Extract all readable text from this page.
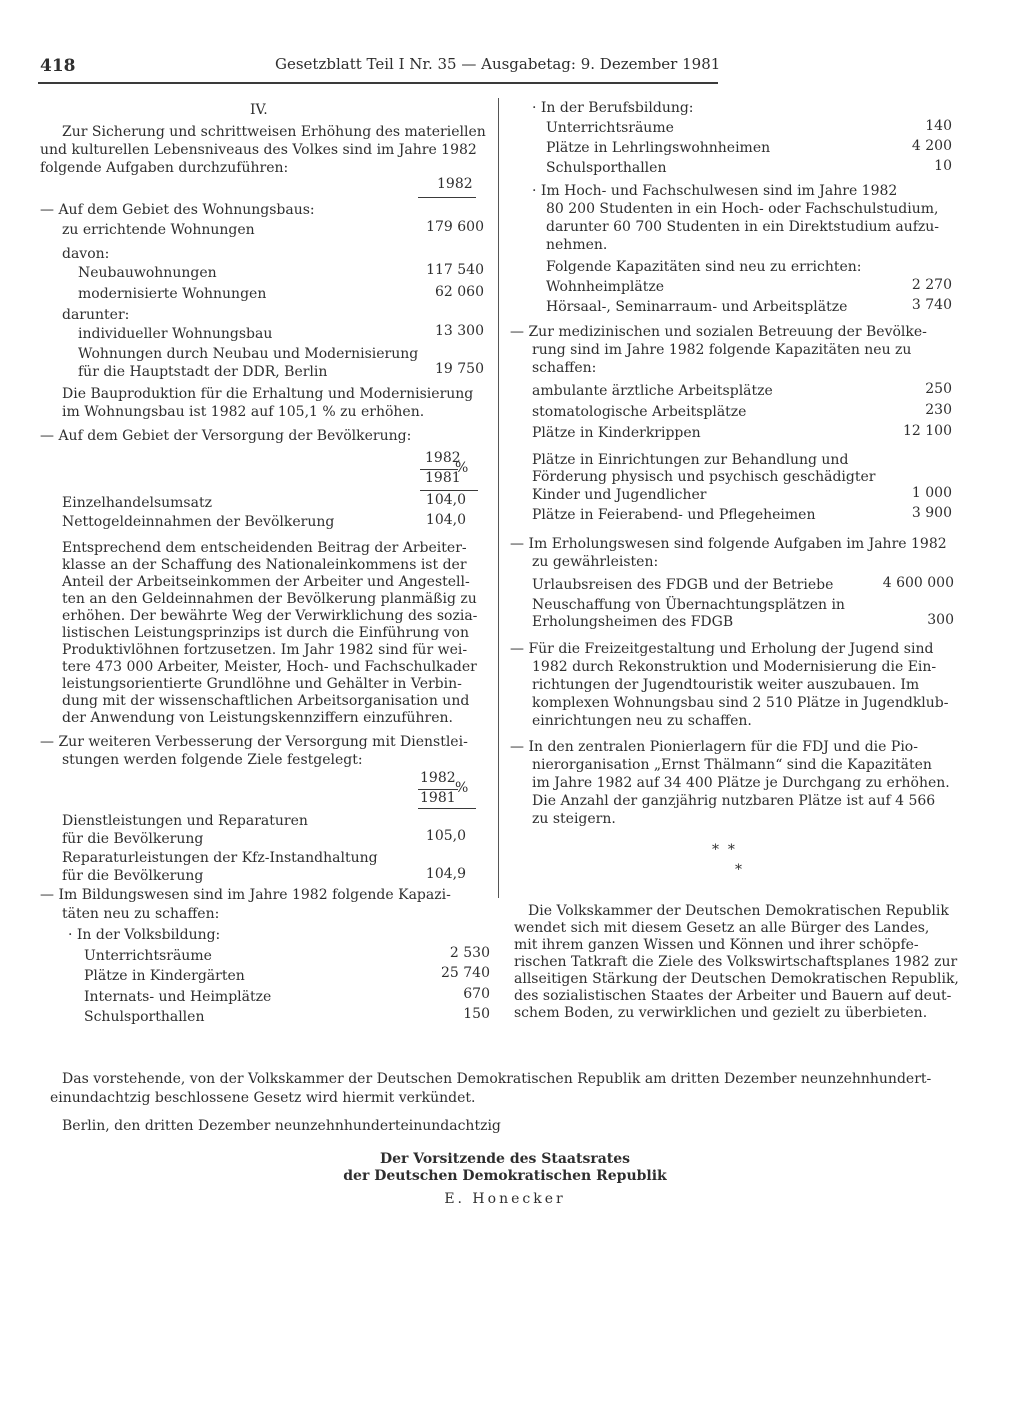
418	Gesetzblatt Teil I Nr. 35 — Ausgabetag: 9. Dezember 1981
IV.
Zur Sicherung und schrittweisen Erhöhung des materiellen
und kulturellen Lebensniveaus des Volkes sind im Jahre 1982
folgende Aufgaben durchzuführen:
1982
— Auf dem Gebiet des Wohnungsbaus:
zu errichtende Wohnungen	179 600
davon:
Neubauwohnungen	117 540
modernisierte Wohnungen	62 060
darunter:
individueller Wohnungsbau	13 300
Wohnungen durch Neubau und Modernisierung
für die Hauptstadt der DDR, Berlin	19 750
Die Bauproduktion für die Erhaltung und Modernisierung
im Wohnungsbau ist 1982 auf 105,1 % zu erhöhen.
— Auf dem Gebiet der Versorgung der Bevölkerung:
1982
1981
%
Einzelhandelsumsatz	104,0
Nettogeldeinnahmen der Bevölkerung	104,0
Entsprechend dem entscheidenden Beitrag der Arbeiter-
klasse an der Schaffung des Nationaleinkommens ist der
Anteil der Arbeitseinkommen der Arbeiter und Angestell-
ten an den Geldeinnahmen der Bevölkerung planmäßig zu
erhöhen. Der bewährte Weg der Verwirklichung des sozia-
listischen Leistungsprinzips ist durch die Einführung von
Produktivlöhnen fortzusetzen. Im Jahr 1982 sind für wei-
tere 473 000 Arbeiter, Meister, Hoch- und Fachschulkader
leistungsorientierte Grundlöhne und Gehälter in Verbin-
dung mit der wissenschaftlichen Arbeitsorganisation und
der Anwendung von Leistungskennziffern einzuführen.
— Zur weiteren Verbesserung der Versorgung mit Dienstlei-
stungen werden folgende Ziele festgelegt:
1982
1981
%
Dienstleistungen und Reparaturen
für die Bevölkerung	105,0
Reparaturleistungen der Kfz-Instandhaltung
für die Bevölkerung	104,9
— Im Bildungswesen sind im Jahre 1982 folgende Kapazi-
täten neu zu schaffen:
· In der Volksbildung:
Unterrichtsräume	2 530
Plätze in Kindergärten	25 740
Internats- und Heimplätze	670
Schulsporthallen	150
· In der Berufsbildung:
Unterrichtsräume	140
Plätze in Lehrlingswohnheimen	4 200
Schulsporthallen	10
· Im Hoch- und Fachschulwesen sind im Jahre 1982
80 200 Studenten in ein Hoch- oder Fachschulstudium,
darunter 60 700 Studenten in ein Direktstudium aufzu-
nehmen.
Folgende Kapazitäten sind neu zu errichten:
Wohnheimplätze	2 270
Hörsaal-, Seminarraum- und Arbeitsplätze	3 740
— Zur medizinischen und sozialen Betreuung der Bevölke-
rung sind im Jahre 1982 folgende Kapazitäten neu zu
schaffen:
ambulante ärztliche Arbeitsplätze	250
stomatologische Arbeitsplätze	230
Plätze in Kinderkrippen	12 100
Plätze in Einrichtungen zur Behandlung und
Förderung physisch und psychisch geschädigter
Kinder und Jugendlicher	1 000
Plätze in Feierabend- und Pflegeheimen	3 900
— Im Erholungswesen sind folgende Aufgaben im Jahre 1982
zu gewährleisten:
Urlaubsreisen des FDGB und der Betriebe	4 600 000
Neuschaffung von Übernachtungsplätzen in
Erholungsheimen des FDGB	300
— Für die Freizeitgestaltung und Erholung der Jugend sind
1982 durch Rekonstruktion und Modernisierung die Ein-
richtungen der Jugendtouristik weiter auszubauen. Im
komplexen Wohnungsbau sind 2 510 Plätze in Jugendklub-
einrichtungen neu zu schaffen.
— In den zentralen Pionierlagern für die FDJ und die Pio-
nierorganisation „Ernst Thälmann“ sind die Kapazitäten
im Jahre 1982 auf 34 400 Plätze je Durchgang zu erhöhen.
Die Anzahl der ganzjährig nutzbaren Plätze ist auf 4 566
zu steigern.
*  *
*
Die Volkskammer der Deutschen Demokratischen Republik
wendet sich mit diesem Gesetz an alle Bürger des Landes,
mit ihrem ganzen Wissen und Können und ihrer schöpfe-
rischen Tatkraft die Ziele des Volkswirtschaftsplanes 1982 zur
allseitigen Stärkung der Deutschen Demokratischen Republik,
des sozialistischen Staates der Arbeiter und Bauern auf deut-
schem Boden, zu verwirklichen und gezielt zu überbieten.
Das vorstehende, von der Volkskammer der Deutschen Demokratischen Republik am dritten Dezember neunzehnhundert-
einundachtzig beschlossene Gesetz wird hiermit verkündet.
Berlin, den dritten Dezember neunzehnhunderteinundachtzig
Der Vorsitzende des Staatsrates
der Deutschen Demokratischen Republik
E. Honecker
